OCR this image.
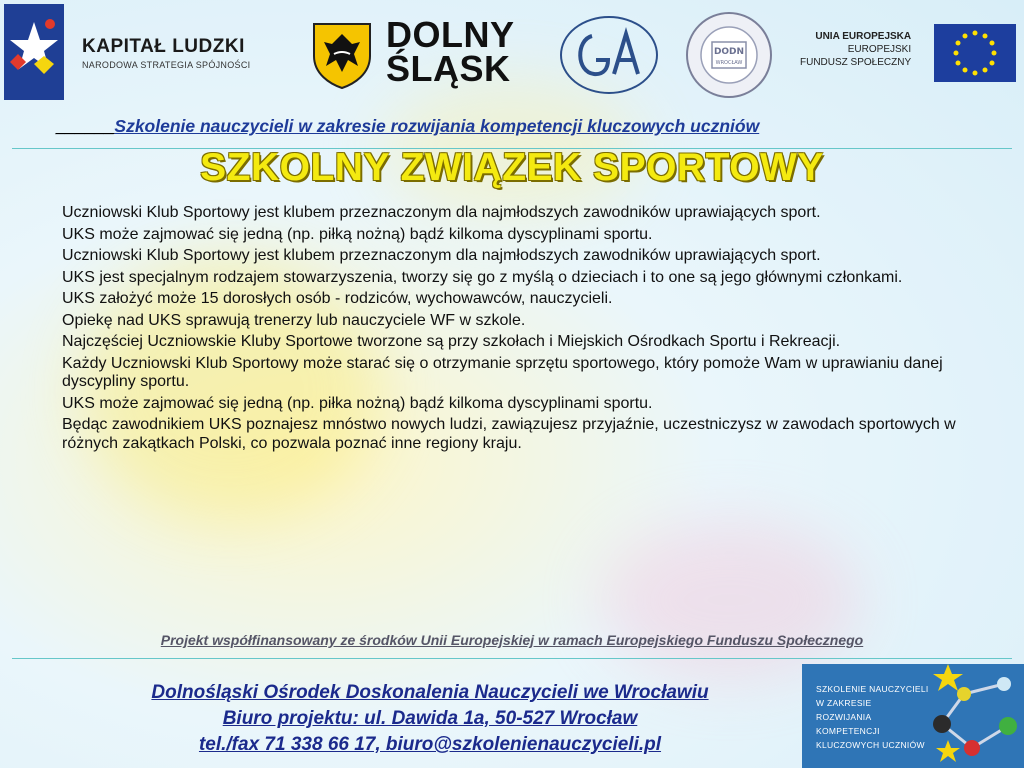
KAPITAŁ LUDZKI
NARODOWA STRATEGIA SPÓJNOŚCI
DOLNY
ŚLĄSK	DODN
WROCŁAW
UNIA EUROPEJSKA
EUROPEJSKI
FUNDUSZ SPOŁECZNY
______Szkolenie nauczycieli w zakresie rozwijania kompetencji kluczowych uczniów
SZKOLNY ZWIĄZEK SPORTOWY

Uczniowski Klub Sportowy jest klubem przeznaczonym dla najmłodszych zawodników uprawiających sport.

UKS może zajmować się jedną (np. piłką nożną) bądź kilkoma dyscyplinami sportu.

Uczniowski Klub Sportowy jest klubem przeznaczonym dla najmłodszych zawodników uprawiających sport.

UKS jest specjalnym rodzajem stowarzyszenia, tworzy się go z myślą o dzieciach i to one są jego głównymi członkami.

UKS założyć może 15 dorosłych osób - rodziców, wychowawców, nauczycieli.

Opiekę nad UKS sprawują trenerzy lub nauczyciele WF w szkole.

Najczęściej Uczniowskie Kluby Sportowe tworzone są przy szkołach i Miejskich Ośrodkach Sportu i Rekreacji.

Każdy Uczniowski Klub Sportowy może starać się o otrzymanie sprzętu sportowego, który pomoże Wam w uprawianiu danej dyscypliny sportu.

UKS może zajmować się jedną (np. piłka nożną) bądź kilkoma dyscyplinami sportu.

Będąc zawodnikiem UKS poznajesz mnóstwo nowych ludzi, zawiązujesz przyjaźnie, uczestniczysz w zawodach sportowych w różnych zakątkach Polski, co pozwala poznać inne regiony kraju.

Projekt współfinansowany ze środków Unii Europejskiej w ramach Europejskiego Funduszu Społecznego
Dolnośląski Ośrodek Doskonalenia Nauczycieli we Wrocławiu
Biuro projektu: ul. Dawida 1a, 50-527 Wrocław
tel./fax 71 338 66 17, biuro@szkolenienauczycieli.pl
SZKOLENIE NAUCZYCIELI
W ZAKRESIE
ROZWIJANIA
KOMPETENCJI
KLUCZOWYCH UCZNIÓW
